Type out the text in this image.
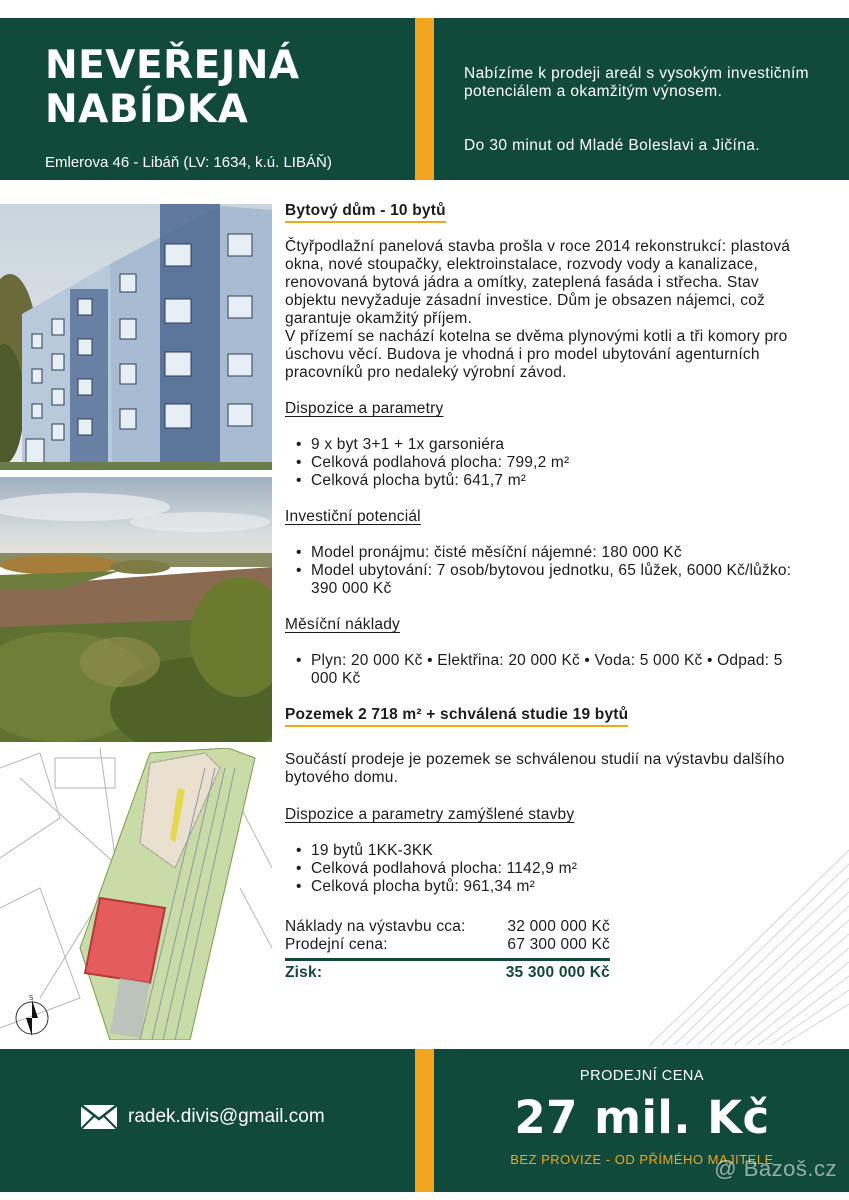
NEVEŘEJNÁ
NABÍDKA
Emlerova 46 - Libáň (LV: 1634, k.ú. LIBÁŇ)
Nabízíme k prodeji areál s vysokým investičním potenciálem a okamžitým výnosem.
Do 30 minut od Mladé Boleslavi a Jičína.
S
Bytový dům - 10 bytů
Čtyřpodlažní panelová stavba prošla v roce 2014 rekonstrukcí: plastová okna, nové stoupačky, elektroinstalace, rozvody vody a kanalizace, renovovaná bytová jádra a omítky, zateplená fasáda i střecha. Stav objektu nevyžaduje zásadní investice. Dům je obsazen nájemci, což garantuje okamžitý příjem.
V přízemí se nachází kotelna se dvěma plynovými kotli a tři komory pro úschovu věcí. Budova je vhodná i pro model ubytování agenturních pracovníků pro nedaleký výrobní závod.
Dispozice a parametry
• 9 x byt 3+1 + 1x garsoniéra
• Celková podlahová plocha: 799,2 m²
• Celková plocha bytů: 641,7 m²
Investiční potenciál
• Model pronájmu: čisté měsíční nájemné: 180 000 Kč
• Model ubytování: 7 osob/bytovou jednotku, 65 lůžek, 6000 Kč/lůžko: 390 000 Kč
Měsíční náklady
• Plyn: 20 000 Kč • Elektřina: 20 000 Kč • Voda: 5 000 Kč • Odpad: 5 000 Kč
Pozemek 2 718 m² + schválená studie 19 bytů
Součástí prodeje je pozemek se schválenou studií na výstavbu dalšího bytového domu.
Dispozice a parametry zamýšlené stavby
• 19 bytů 1KK-3KK
• Celková podlahová plocha: 1142,9 m²
• Celková plocha bytů: 961,34 m²
Náklady na výstavbu cca:	32 000 000 Kč
Prodejní cena:	67 300 000 Kč
Zisk:	35 300 000 Kč
radek.divis@gmail.com
PRODEJNÍ CENA
27 mil. Kč
BEZ PROVIZE - OD PŘÍMÉHO MAJITELE
@ Bazoš.cz
